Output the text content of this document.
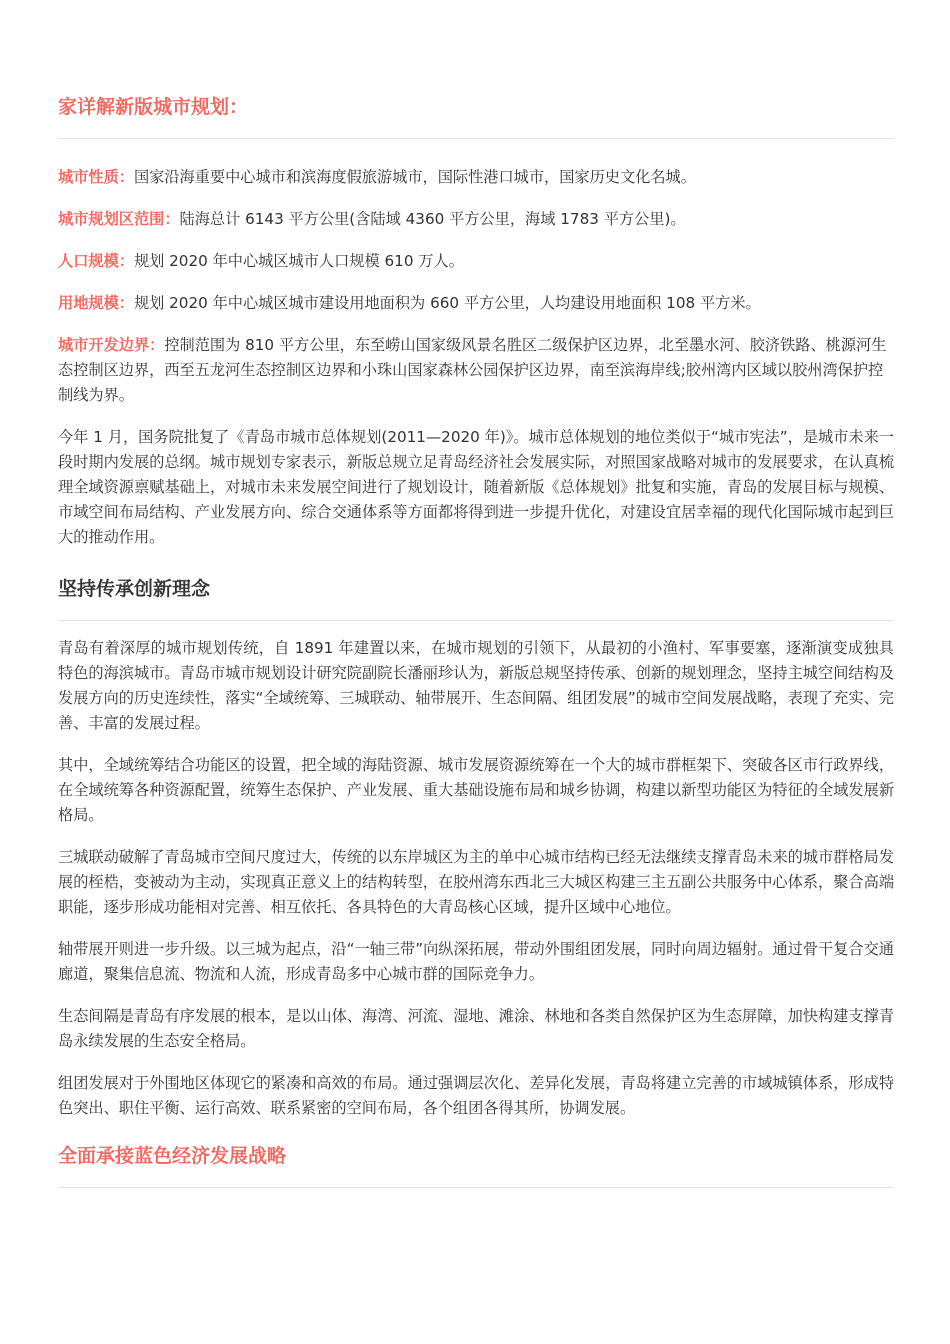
家详解新版城市规划：

城市性质：国家沿海重要中心城市和滨海度假旅游城市，国际性港口城市，国家历史文化名城。

城市规划区范围：陆海总计 6143 平方公里(含陆域 4360 平方公里，海域 1783 平方公里)。

人口规模：规划 2020 年中心城区城市人口规模 610 万人。

用地规模：规划 2020 年中心城区城市建设用地面积为 660 平方公里，人均建设用地面积 108 平方米。

城市开发边界：控制范围为 810 平方公里，东至崂山国家级风景名胜区二级保护区边界，北至墨水河、胶济铁路、桃源河生态控制区边界，西至五龙河生态控制区边界和小珠山国家森林公园保护区边界，南至滨海岸线;胶州湾内区域以胶州湾保护控制线为界。

今年 1 月，国务院批复了《青岛市城市总体规划(2011—2020 年)》。城市总体规划的地位类似于“城市宪法”，是城市未来一段时期内发展的总纲。城市规划专家表示，新版总规立足青岛经济社会发展实际，对照国家战略对城市的发展要求，在认真梳理全域资源禀赋基础上，对城市未来发展空间进行了规划设计，随着新版《总体规划》批复和实施，青岛的发展目标与规模、市域空间布局结构、产业发展方向、综合交通体系等方面都将得到进一步提升优化，对建设宜居幸福的现代化国际城市起到巨大的推动作用。

坚持传承创新理念

青岛有着深厚的城市规划传统，自 1891 年建置以来，在城市规划的引领下，从最初的小渔村、军事要塞，逐渐演变成独具特色的海滨城市。青岛市城市规划设计研究院副院长潘丽珍认为，新版总规坚持传承、创新的规划理念，坚持主城空间结构及发展方向的历史连续性，落实“全域统筹、三城联动、轴带展开、生态间隔、组团发展”的城市空间发展战略，表现了充实、完善、丰富的发展过程。

其中，全域统筹结合功能区的设置，把全域的海陆资源、城市发展资源统筹在一个大的城市群框架下、突破各区市行政界线，在全域统筹各种资源配置，统筹生态保护、产业发展、重大基础设施布局和城乡协调，构建以新型功能区为特征的全域发展新格局。

三城联动破解了青岛城市空间尺度过大，传统的以东岸城区为主的单中心城市结构已经无法继续支撑青岛未来的城市群格局发展的桎梏，变被动为主动，实现真正意义上的结构转型，在胶州湾东西北三大城区构建三主五副公共服务中心体系，聚合高端职能，逐步形成功能相对完善、相互依托、各具特色的大青岛核心区域，提升区域中心地位。

轴带展开则进一步升级。以三城为起点，沿“一轴三带”向纵深拓展，带动外围组团发展，同时向周边辐射。通过骨干复合交通廊道，聚集信息流、物流和人流，形成青岛多中心城市群的国际竞争力。

生态间隔是青岛有序发展的根本，是以山体、海湾、河流、湿地、滩涂、林地和各类自然保护区为生态屏障，加快构建支撑青岛永续发展的生态安全格局。

组团发展对于外围地区体现它的紧凑和高效的布局。通过强调层次化、差异化发展，青岛将建立完善的市域城镇体系，形成特色突出、职住平衡、运行高效、联系紧密的空间布局，各个组团各得其所，协调发展。

全面承接蓝色经济发展战略
